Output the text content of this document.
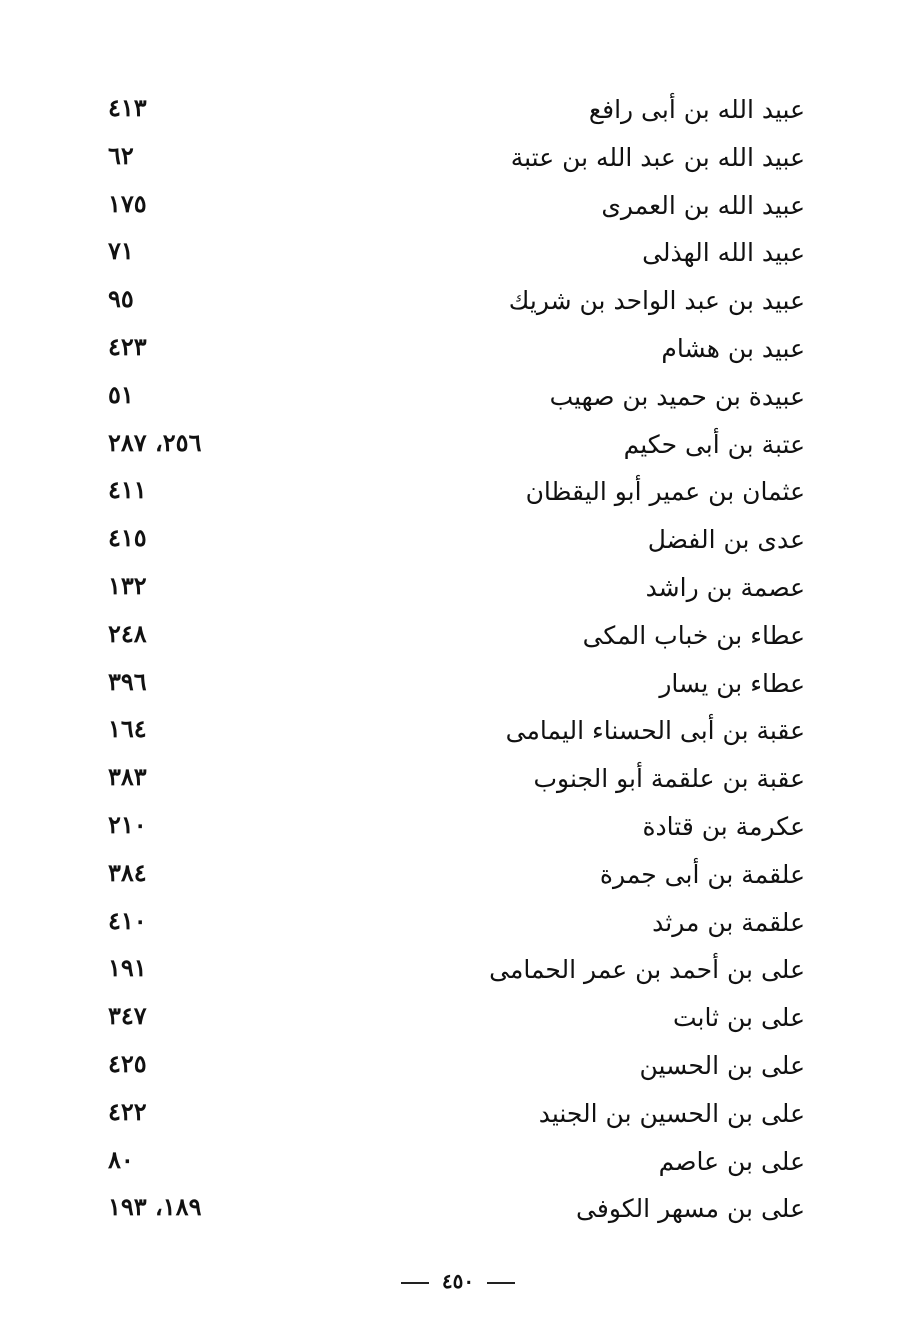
عبيد الله بن أبى رافع
٤١٣
عبيد الله بن عبد الله بن عتبة
٦٢
عبيد الله بن العمرى
١٧٥
عبيد الله الهذلى
٧١
عبيد بن عبد الواحد بن شريك
٩٥
عبيد بن هشام
٤٢٣
عبيدة بن حميد بن صهيب
٥١
عتبة بن أبى حكيم
٢٥٦، ٢٨٧
عثمان بن عمير أبو اليقظان
٤١١
عدى بن الفضل
٤١٥
عصمة بن راشد
١٣٢
عطاء بن خباب المكى
٢٤٨
عطاء بن يسار
٣٩٦
عقبة بن أبى الحسناء اليمامى
١٦٤
عقبة بن علقمة أبو الجنوب
٣٨٣
عكرمة بن قتادة
٢١٠
علقمة بن أبى جمرة
٣٨٤
علقمة بن مرثد
٤١٠
على بن أحمد بن عمر الحمامى
١٩١
على بن ثابت
٣٤٧
على بن الحسين
٤٢٥
على بن الحسين بن الجنيد
٤٢٢
على بن عاصم
٨٠
على بن مسهر الكوفى
١٨٩، ١٩٣
٤٥٠
